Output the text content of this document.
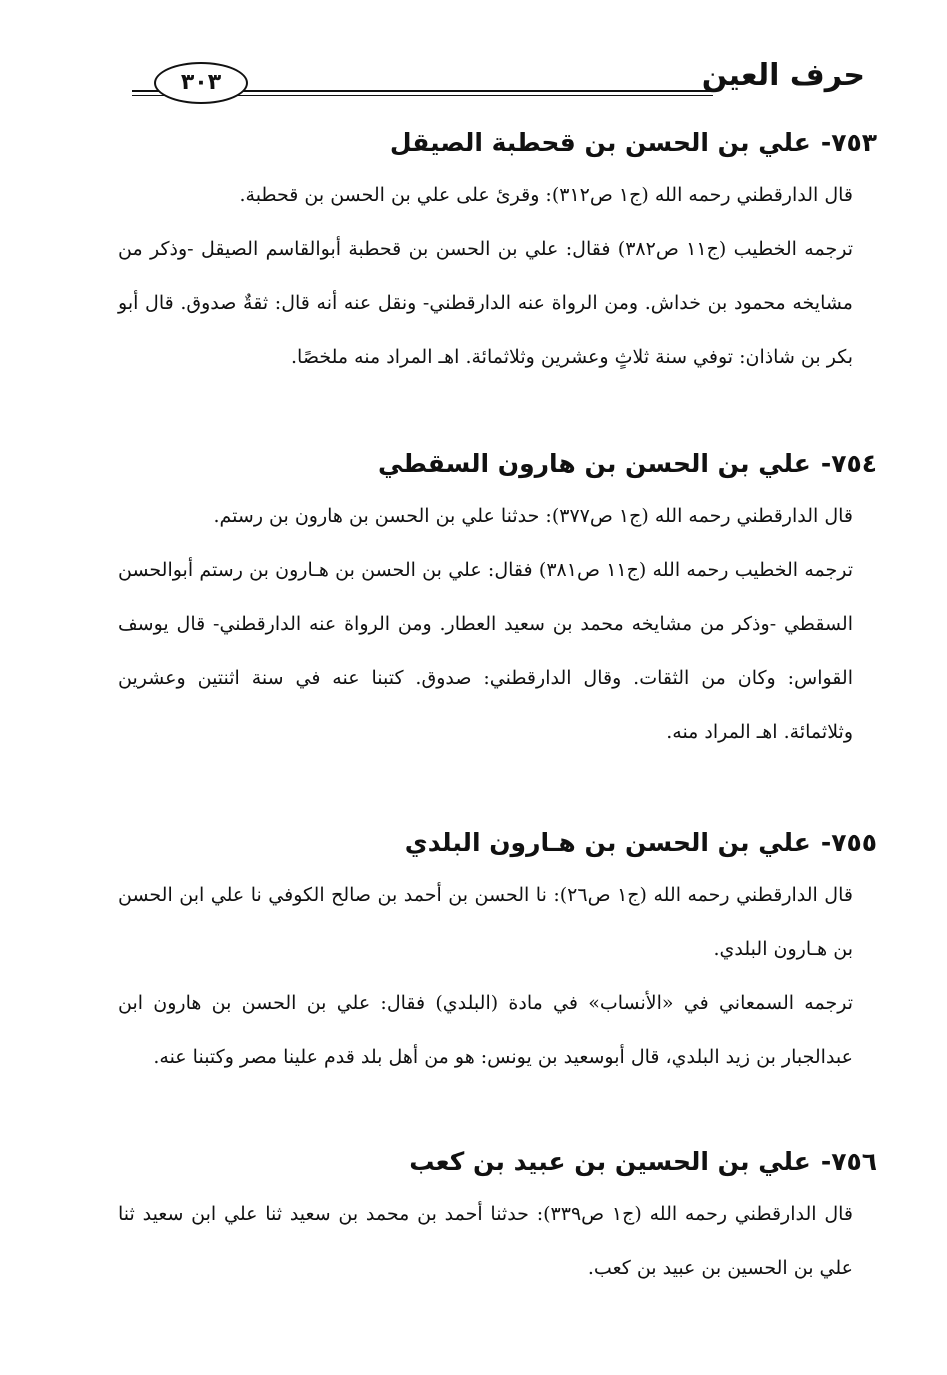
حرف العين
٣٠٣
٧٥٣-علي بن الحسن بن قحطبة الصيقل

قال الدارقطني رحمه الله (ج١ ص٣١٢): وقرئ على علي بن الحسن بن قحطبة.

ترجمه الخطيب (ج١١ ص٣٨٢) فقال: علي بن الحسن بن قحطبة أبوالقاسم الصيقل -وذكر من مشايخه محمود بن خداش. ومن الرواة عنه الدارقطني- ونقل عنه أنه قال: ثقةٌ صدوق. قال أبو بكر بن شاذان: توفي سنة ثلاثٍ وعشرين وثلاثمائة. اهـ المراد منه ملخصًا.

٧٥٤-علي بن الحسن بن هارون السقطي

قال الدارقطني رحمه الله (ج١ ص٣٧٧): حدثنا علي بن الحسن بن هارون بن رستم.

ترجمه الخطيب رحمه الله (ج١١ ص٣٨١) فقال: علي بن الحسن بن هـارون بن رستم أبوالحسن السقطي -وذكر من مشايخه محمد بن سعيد العطار. ومن الرواة عنه الدارقطني- قال يوسف القواس: وكان من الثقات. وقال الدارقطني: صدوق. كتبنا عنه في سنة اثنتين وعشرين وثلاثمائة. اهـ المراد منه.

٧٥٥-علي بن الحسن بن هـارون البلدي

قال الدارقطني رحمه الله (ج١ ص٢٦): نا الحسن بن أحمد بن صالح الكوفي نا علي ابن الحسن بن هـارون البلدي.

ترجمه السمعاني في «الأنساب» في مادة (البلدي) فقال: علي بن الحسن بن هارون ابن عبدالجبار بن زيد البلدي، قال أبوسعيد بن يونس: هو من أهل بلد قدم علينا مصر وكتبنا عنه.

٧٥٦-علي بن الحسين بن عبيد بن كعب

قال الدارقطني رحمه الله (ج١ ص٣٣٩): حدثنا أحمد بن محمد بن سعيد ثنا علي ابن سعيد ثنا علي بن الحسين بن عبيد بن كعب.
